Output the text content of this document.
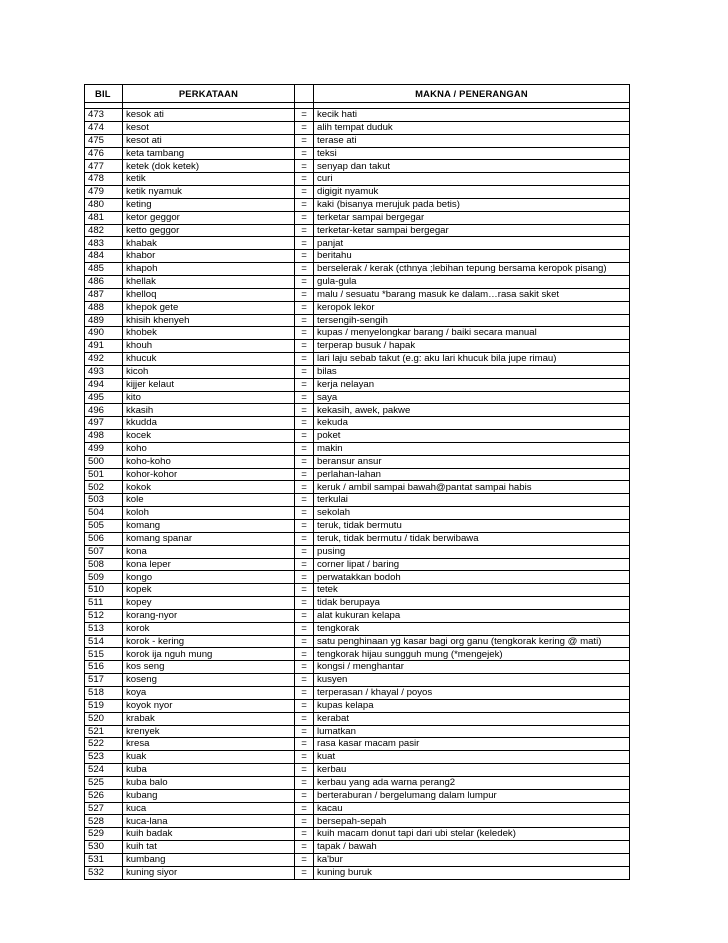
BIL	PERKATAAN		MAKNA / PENERANGAN

473	kesok ati	=	kecik hati
474	kesot	=	alih tempat duduk
475	kesot ati	=	terase ati
476	keta tambang	=	teksi
477	ketek (dok ketek)	=	senyap dan takut
478	ketik	=	curi
479	ketik nyamuk	=	digigit nyamuk
480	keting	=	kaki (bisanya merujuk pada betis)
481	ketor geggor	=	terketar sampai bergegar
482	ketto geggor	=	terketar-ketar sampai bergegar
483	khabak	=	panjat
484	khabor	=	beritahu
485	khapoh	=	berselerak / kerak (cthnya ;lebihan tepung bersama keropok pisang)
486	khellak	=	gula-gula
487	khelloq	=	malu / sesuatu *barang masuk ke dalam…rasa sakit sket
488	khepok gete	=	keropok lekor
489	khisih khenyeh	=	tersengih-sengih
490	khobek	=	kupas / menyelongkar barang / baiki secara manual
491	khouh	=	terperap busuk / hapak
492	khucuk	=	lari laju sebab takut (e.g: aku lari khucuk bila jupe rimau)
493	kicoh	=	bilas
494	kijjer kelaut	=	kerja nelayan
495	kito	=	saya
496	kkasih	=	kekasih, awek, pakwe
497	kkudda	=	kekuda
498	kocek	=	poket
499	koho	=	makin
500	koho-koho	=	beransur ansur
501	kohor-kohor	=	perlahan-lahan
502	kokok	=	keruk / ambil sampai bawah@pantat sampai habis
503	kole	=	terkulai
504	koloh	=	sekolah
505	komang	=	teruk, tidak bermutu
506	komang spanar	=	teruk, tidak bermutu / tidak berwibawa
507	kona	=	pusing
508	kona leper	=	corner lipat / baring
509	kongo	=	perwatakkan bodoh
510	kopek	=	tetek
511	kopey	=	tidak berupaya
512	korang-nyor	=	alat kukuran kelapa
513	korok	=	tengkorak
514	korok - kering	=	satu penghinaan yg kasar bagi org ganu (tengkorak kering @ mati)
515	korok ija nguh mung	=	tengkorak hijau sungguh mung (*mengejek)
516	kos seng	=	kongsi / menghantar
517	koseng	=	kusyen
518	koya	=	terperasan / khayal / poyos
519	koyok nyor	=	kupas kelapa
520	krabak	=	kerabat
521	krenyek	=	lumatkan
522	kresa	=	rasa kasar macam pasir
523	kuak	=	kuat
524	kuba	=	kerbau
525	kuba balo	=	kerbau yang ada warna perang2
526	kubang	=	berteraburan / bergelumang dalam lumpur
527	kuca	=	kacau
528	kuca-lana	=	bersepah-sepah
529	kuih badak	=	kuih macam donut tapi dari ubi stelar (keledek)
530	kuih tat	=	tapak / bawah
531	kumbang	=	ka'bur
532	kuning siyor	=	kuning buruk
